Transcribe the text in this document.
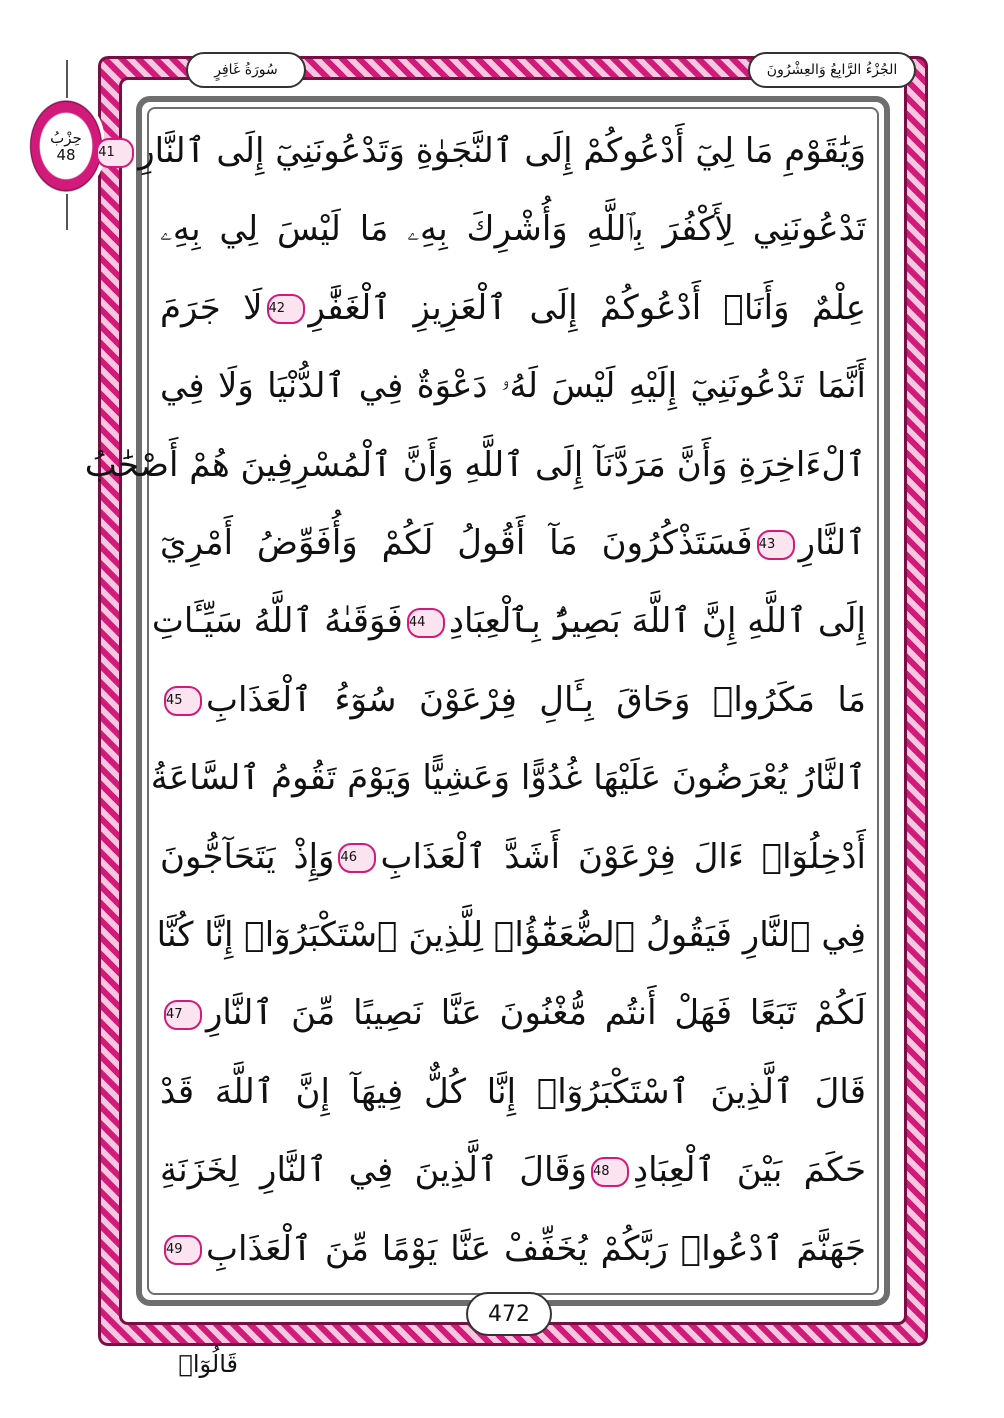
الجُزْءُ الرَّابِعُ وَالعِشْرُونَ
سُورَةُ غَافِرٍ
حِزْبُ
48 وَيَٰقَوْمِ مَا لِيٓ أَدْعُوكُمْ إِلَى ٱلنَّجَوٰةِ وَتَدْعُونَنِيٓ إِلَى ٱلنَّارِ41
تَدْعُونَنِي لِأَكْفُرَ بِٱللَّهِ وَأُشْرِكَ بِهِۦ مَا لَيْسَ لِي بِهِۦ
عِلْمٌ وَأَنَا۠ أَدْعُوكُمْ إِلَى ٱلْعَزِيزِ ٱلْغَفَّٰرِ42لَا جَرَمَ
أَنَّمَا تَدْعُونَنِيٓ إِلَيْهِ لَيْسَ لَهُۥ دَعْوَةٌ فِي ٱلدُّنْيَا وَلَا فِي
ٱلْءَاخِرَةِ وَأَنَّ مَرَدَّنَآ إِلَى ٱللَّهِ وَأَنَّ ٱلْمُسْرِفِينَ هُمْ أَصْحَٰبُ
ٱلنَّارِ43فَسَتَذْكُرُونَ مَآ أَقُولُ لَكُمْ وَأُفَوِّضُ أَمْرِيٓ
إِلَى ٱللَّهِ إِنَّ ٱللَّهَ بَصِيرٌۢ بِٱلْعِبَادِ44فَوَقَىٰهُ ٱللَّهُ سَيِّـَٔاتِ
مَا مَكَرُوا۟ وَحَاقَ بِـَٔالِ فِرْعَوْنَ سُوٓءُ ٱلْعَذَابِ45
ٱلنَّارُ يُعْرَضُونَ عَلَيْهَا غُدُوًّا وَعَشِيًّا وَيَوْمَ تَقُومُ ٱلسَّاعَةُ
أَدْخِلُوٓا۟ ءَالَ فِرْعَوْنَ أَشَدَّ ٱلْعَذَابِ46وَإِذْ يَتَحَآجُّونَ
فِي ٱلنَّارِ فَيَقُولُ ٱلضُّعَفَٰٓؤُا۟ لِلَّذِينَ ٱسْتَكْبَرُوٓا۟ إِنَّا كُنَّا
لَكُمْ تَبَعًا فَهَلْ أَنتُم مُّغْنُونَ عَنَّا نَصِيبًا مِّنَ ٱلنَّارِ47
قَالَ ٱلَّذِينَ ٱسْتَكْبَرُوٓا۟ إِنَّا كُلٌّ فِيهَآ إِنَّ ٱللَّهَ قَدْ
حَكَمَ بَيْنَ ٱلْعِبَادِ48وَقَالَ ٱلَّذِينَ فِي ٱلنَّارِ لِخَزَنَةِ
جَهَنَّمَ ٱدْعُوا۟ رَبَّكُمْ يُخَفِّفْ عَنَّا يَوْمًا مِّنَ ٱلْعَذَابِ49
472
قَالُوٓا۟
